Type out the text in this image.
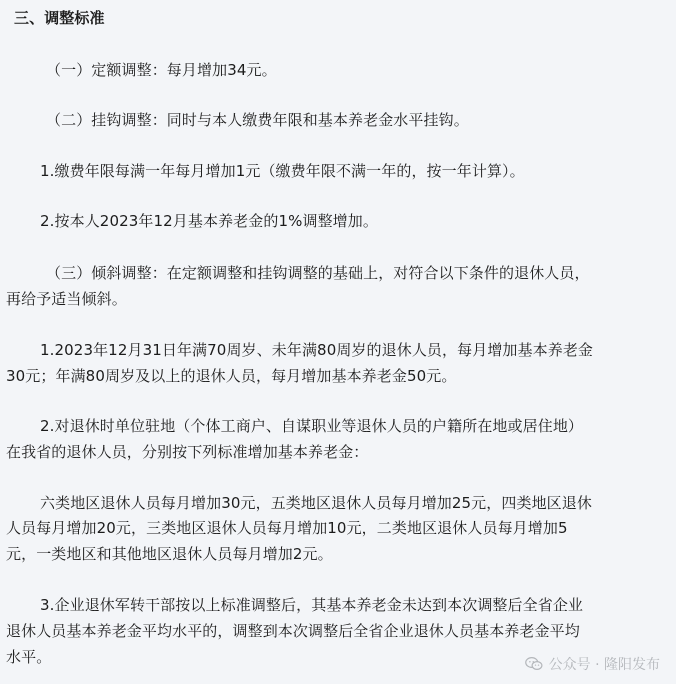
三、调整标准
（一）定额调整：每月增加34元。
（二）挂钩调整：同时与本人缴费年限和基本养老金水平挂钩。
1.缴费年限每满一年每月增加1元（缴费年限不满一年的，按一年计算）。
2.按本人2023年12月基本养老金的1%调整增加。
（三）倾斜调整：在定额调整和挂钩调整的基础上，对符合以下条件的退休人员，
再给予适当倾斜。
1.2023年12月31日年满70周岁、未年满80周岁的退休人员，每月增加基本养老金
30元；年满80周岁及以上的退休人员，每月增加基本养老金50元。
2.对退休时单位驻地（个体工商户、自谋职业等退休人员的户籍所在地或居住地）
在我省的退休人员，分别按下列标准增加基本养老金：
六类地区退休人员每月增加30元，五类地区退休人员每月增加25元，四类地区退休
人员每月增加20元，三类地区退休人员每月增加10元，二类地区退休人员每月增加5
元，一类地区和其他地区退休人员每月增加2元。
3.企业退休军转干部按以上标准调整后，其基本养老金未达到本次调整后全省企业
退休人员基本养老金平均水平的，调整到本次调整后全省企业退休人员基本养老金平均
水平。	公众号 · 隆阳发布
